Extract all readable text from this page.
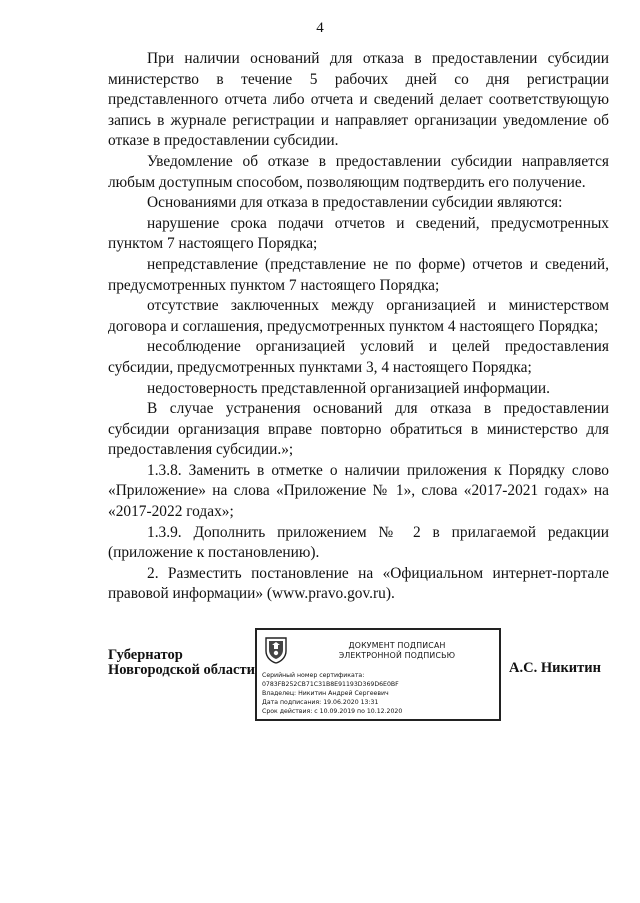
4

При наличии оснований для отказа в предоставлении субсидии министерство в течение 5 рабочих дней со дня регистрации представленного отчета либо отчета и сведений делает соответствующую запись в журнале регистрации и направляет организации уведомление об отказе в предоставлении субсидии.

Уведомление об отказе в предоставлении субсидии направляется любым доступным способом, позволяющим подтвердить его получение.

Основаниями для отказа в предоставлении субсидии являются:

нарушение срока подачи отчетов и сведений, предусмотренных пунктом 7 настоящего Порядка;

непредставление (представление не по форме) отчетов и сведений, предусмотренных пунктом 7 настоящего Порядка;

отсутствие заключенных между организацией и министерством договора и соглашения, предусмотренных пунктом 4 настоящего Порядка;

несоблюдение организацией условий и целей предоставления субсидии, предусмотренных пунктами 3, 4 настоящего Порядка;

недостоверность представленной организацией информации.

В случае устранения оснований для отказа в предоставлении субсидии организация вправе повторно обратиться в министерство для предоставления субсидии.»;

1.3.8. Заменить в отметке о наличии приложения к Порядку слово «Приложение» на слова «Приложение № 1», слова «2017-2021 годах» на «2017-2022 годах»;

1.3.9. Дополнить приложением № 2 в прилагаемой редакции (приложение к постановлению).

2. Разместить постановление на «Официальном интернет-портале правовой информации» (www.pravo.gov.ru).

Губернатор
Новгородской области
ДОКУМЕНТ ПОДПИСАН
ЭЛЕКТРОННОЙ ПОДПИСЬЮ
Серийный номер сертификата:
0783FB252CB71C31B8E91193D369D6E0BF
Владелец: Никитин Андрей Сергеевич
Дата подписания: 19.06.2020 13:31
Срок действия: с 10.09.2019 по 10.12.2020
А.С. Никитин
